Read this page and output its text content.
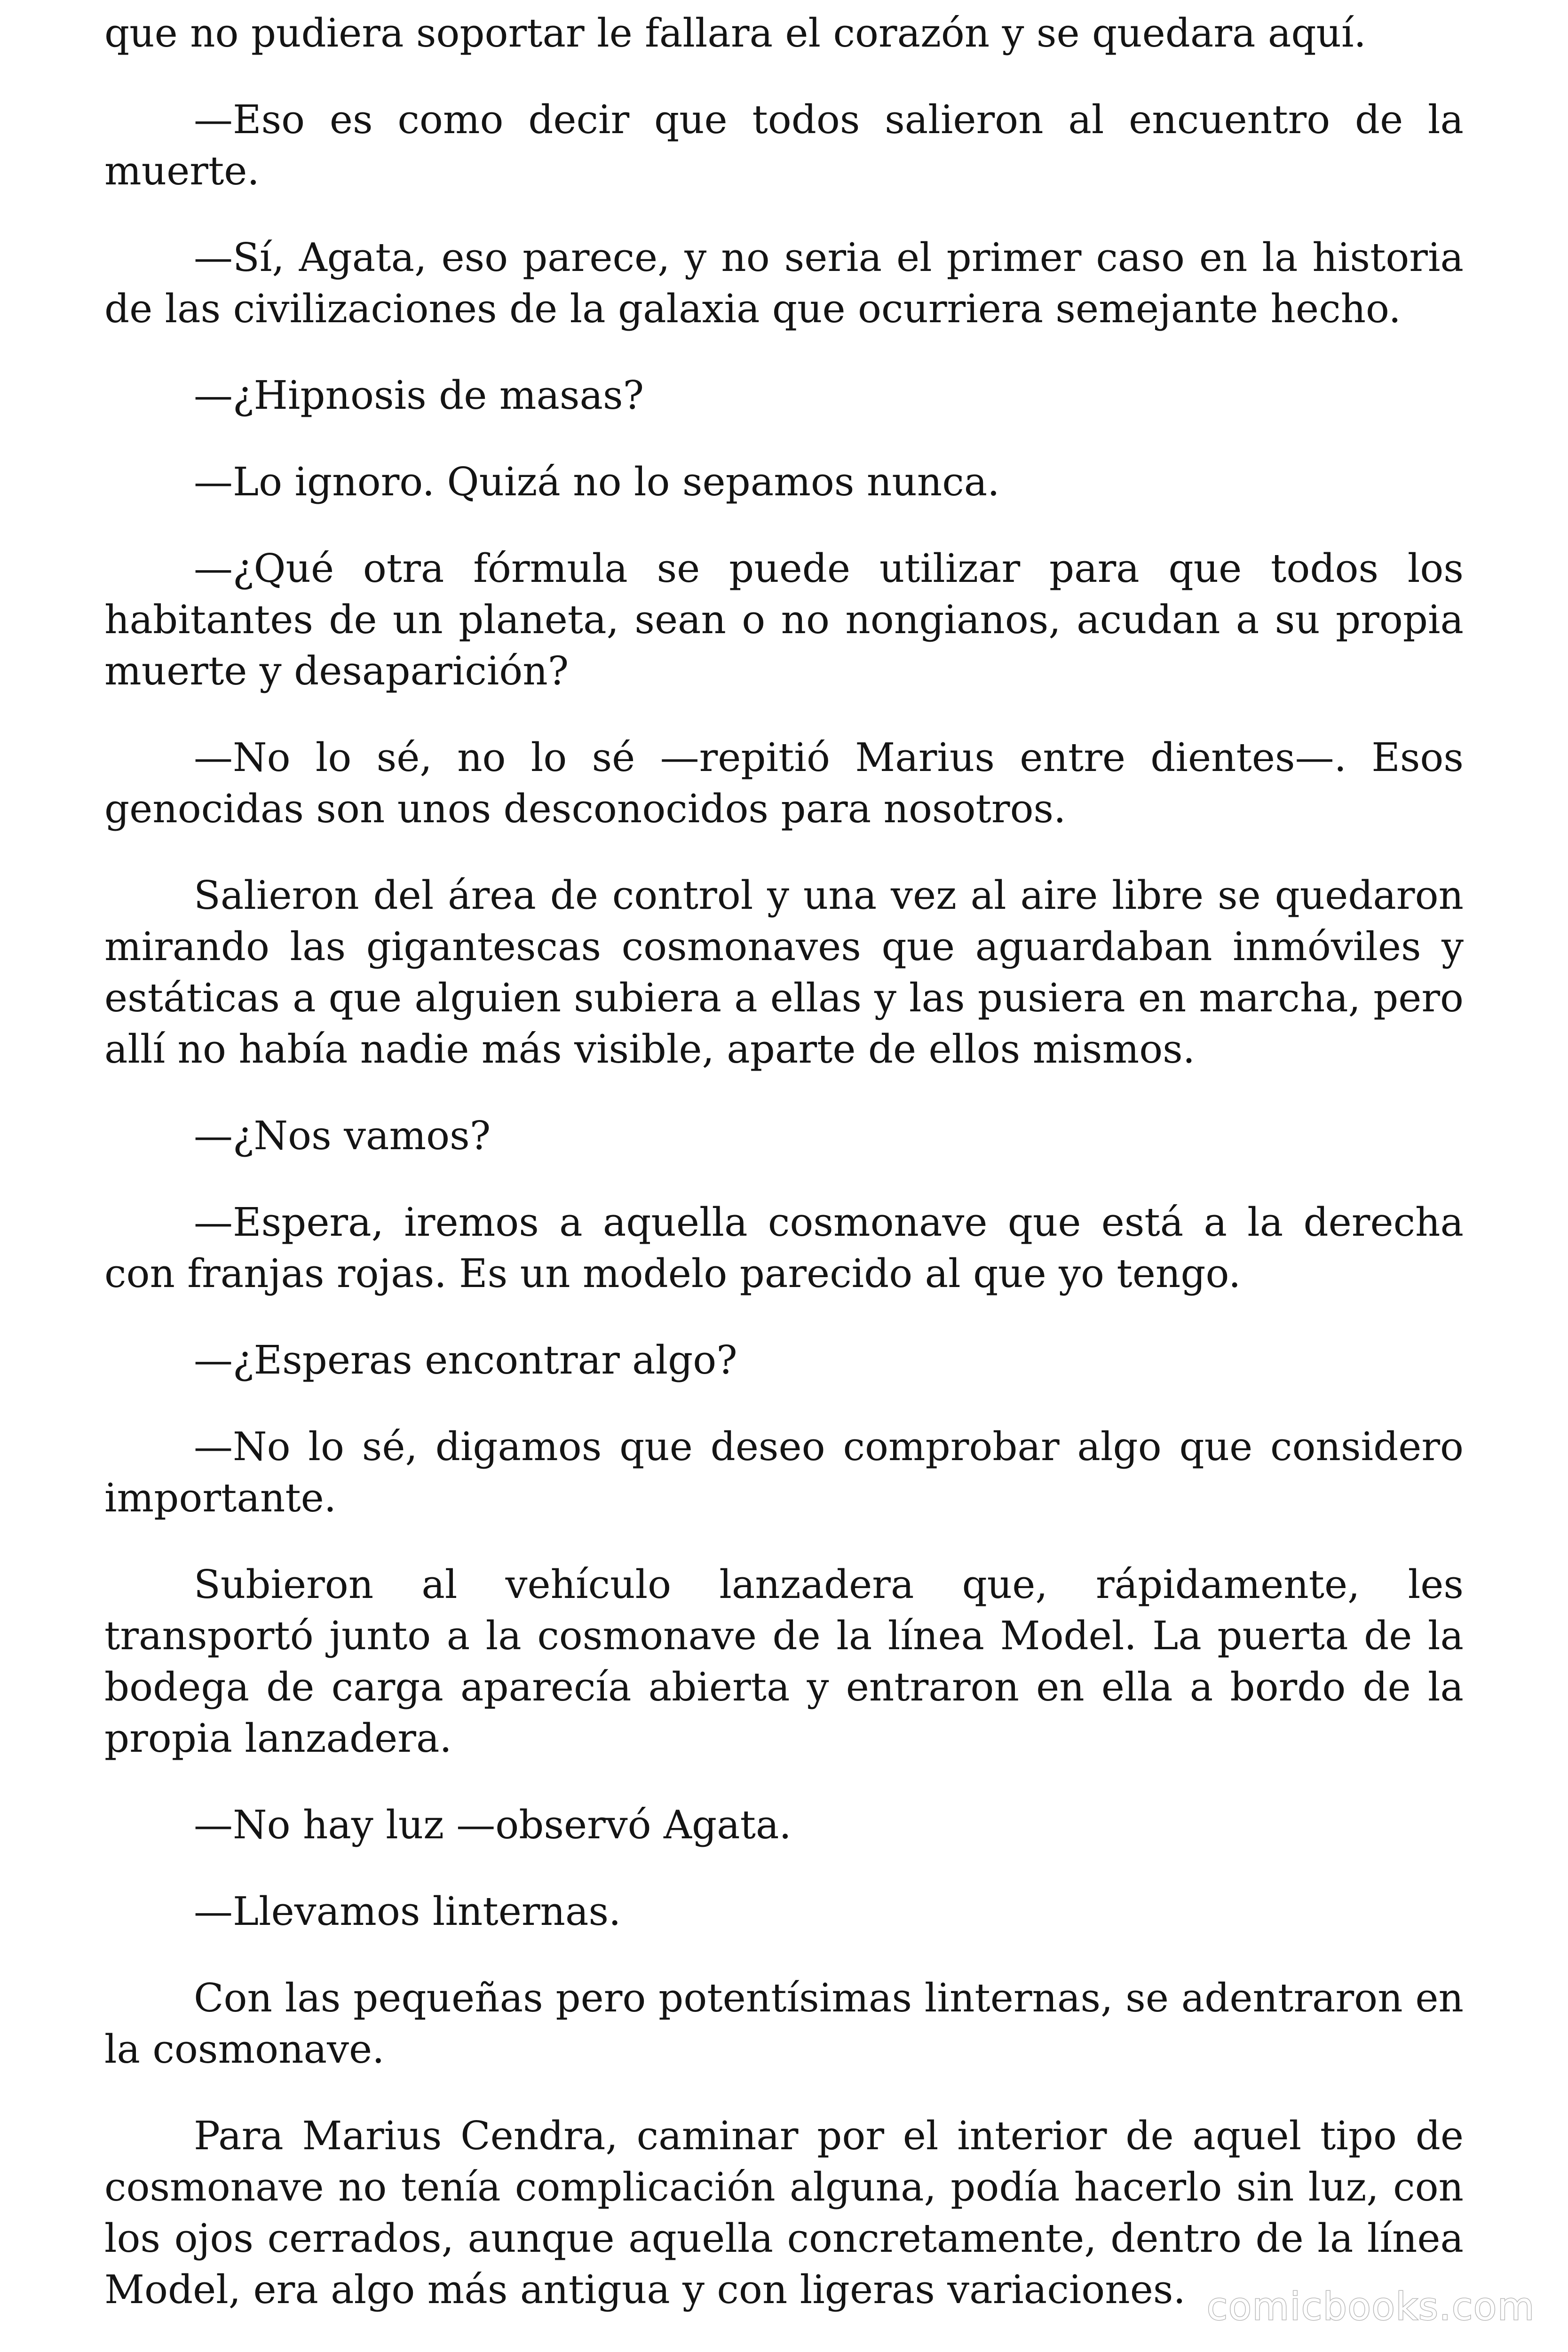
que no pudiera soportar le fallara el corazón y se quedara aquí.

—Eso es como decir que todos salieron al encuentro de la muerte.

—Sí, Agata, eso parece, y no seria el primer caso en la historia de las civilizaciones de la galaxia que ocurriera semejante hecho.

—¿Hipnosis de masas?

—Lo ignoro. Quizá no lo sepamos nunca.

—¿Qué otra fórmula se puede utilizar para que todos los habitantes de un planeta, sean o no nongianos, acudan a su propia muerte y desaparición?

—No lo sé, no lo sé —repitió Marius entre dientes—. Esos genocidas son unos desconocidos para nosotros.

Salieron del área de control y una vez al aire libre se quedaron mirando las gigantescas cosmonaves que aguardaban inmóviles y estáticas a que alguien subiera a ellas y las pusiera en marcha, pero allí no había nadie más visible, aparte de ellos mismos.

—¿Nos vamos?

—Espera, iremos a aquella cosmonave que está a la derecha con franjas rojas. Es un modelo parecido al que yo tengo.

—¿Esperas encontrar algo?

—No lo sé, digamos que deseo comprobar algo que considero importante.

Subieron al vehículo lanzadera que, rápidamente, les transportó junto a la cosmonave de la línea Model. La puerta de la bodega de carga aparecía abierta y entraron en ella a bordo de la propia lanzadera.

—No hay luz —observó Agata.

—Llevamos linternas.

Con las pequeñas pero potentísimas linternas, se adentraron en la cosmonave.

Para Marius Cendra, caminar por el interior de aquel tipo de cosmonave no tenía complicación alguna, podía hacerlo sin luz, con los ojos cerrados, aunque aquella concretamente, dentro de la línea Model, era algo más antigua y con ligeras variaciones. comicbooks.com
